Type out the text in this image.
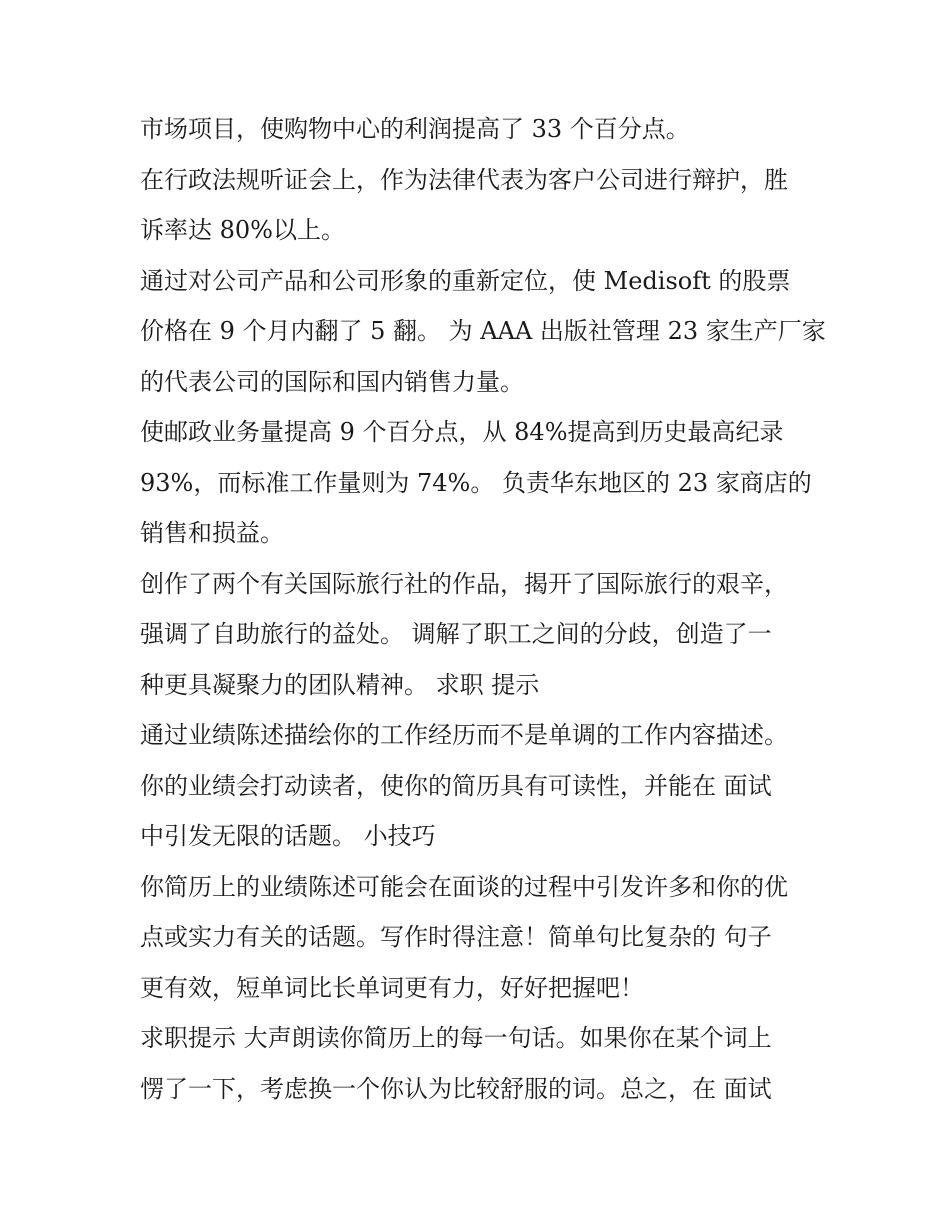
市场项目，使购物中心的利润提高了 33 个百分点。
在行政法规听证会上，作为法律代表为客户公司进行辩护，胜
诉率达 80%以上。
通过对公司产品和公司形象的重新定位，使 Medisoft 的股票
价格在 9 个月内翻了 5 翻。 为 AAA 出版社管理 23 家生产厂家
的代表公司的国际和国内销售力量。
使邮政业务量提高 9 个百分点，从 84%提高到历史最高纪录
93%，而标准工作量则为 74%。 负责华东地区的 23 家商店的
销售和损益。
创作了两个有关国际旅行社的作品，揭开了国际旅行的艰辛，
强调了自助旅行的益处。 调解了职工之间的分歧，创造了一
种更具凝聚力的团队精神。 求职 提示
通过业绩陈述描绘你的工作经历而不是单调的工作内容描述。
你的业绩会打动读者，使你的简历具有可读性，并能在 面试
中引发无限的话题。 小技巧
你简历上的业绩陈述可能会在面谈的过程中引发许多和你的优
点或实力有关的话题。写作时得注意！简单句比复杂的 句子
更有效，短单词比长单词更有力，好好把握吧！
求职提示 大声朗读你简历上的每一句话。如果你在某个词上
愣了一下，考虑换一个你认为比较舒服的词。总之，在 面试
